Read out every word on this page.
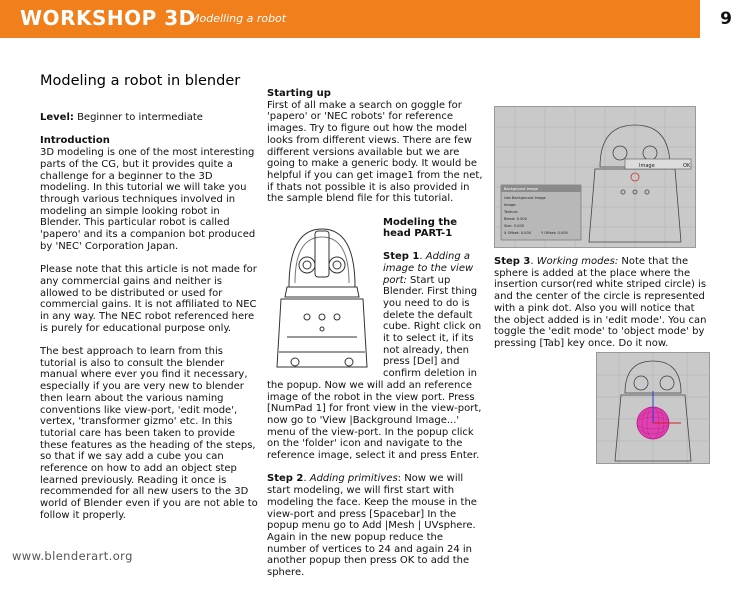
WORKSHOP 3D
Modelling a robot	9
Modeling a robot in blender

Level: Beginner to intermediate

Introduction

3D modeling is one of the most interesting parts of the CG, but it provides quite a challenge for a beginner to the 3D modeling. In this tutorial we will take you through various techniques involved in modeling an simple looking robot in Blender. This particular robot is called 'papero' and its a companion bot produced by 'NEC' Corporation Japan.

Please note that this article is not made for any commercial gains and neither is allowed to be distributed or used for commercial gains. It is not affiliated to NEC in any way. The NEC robot referenced here is purely for educational purpose only.

The best approach to learn from this tutorial is also to consult the blender manual where ever you find it necessary, especially if you are very new to blender then learn about the various naming conventions like view-port, 'edit mode', vertex, 'transformer gizmo' etc. In this tutorial care has been taken to provide these features as the heading of the steps, so that if we say add a cube you can reference on how to add an object step learned previously. Reading it once is recommended for all new users to the 3D world of Blender even if you are not able to follow it properly.

Starting up

First of all make a search on goggle for 'papero' or 'NEC robots' for reference images. Try to figure out how the model looks from different views. There are few different versions available but we are going to make a generic body. It would be helpful if you can get image1 from the net, if thats not possible it is also provided in the sample blend file for this tutorial.

Modeling the head PART-1

Step 1. Adding a image to the view port: Start up Blender. First thing you need to do is delete the default cube. Right click on it to select it, if its not already, then press [Del] and confirm deletion in the popup. Now we will add an reference image of the robot in the view port. Press [NumPad 1] for front view in the view-port, now go to 'View |Background Image...' menu of the view-port. In the popup click on the 'folder' icon and navigate to the reference image, select it and press Enter.

Step 2. Adding primitives: Now we will start modeling, we will first start with modeling the face. Keep the mouse in the view-port and press [Spacebar] In the popup menu go to Add |Mesh | UVsphere. Again in the new popup reduce the number of vertices to 24 and again 24 in another popup then press OK to add the sphere.

Image	OK
Background Image
Use Background Image
Image:
Texture:
Blend: 0.500
Size: 5.000
X Offset: 0.000	Y Offset: 0.000

Step 3. Working modes: Note that the sphere is added at the place where the insertion cursor(red white striped circle) is and the center of the circle is represented with a pink dot. Also you will notice that the object added is in 'edit mode'. You can toggle the 'edit mode' to 'object mode' by pressing [Tab] key once. Do it now.

www.blenderart.org
